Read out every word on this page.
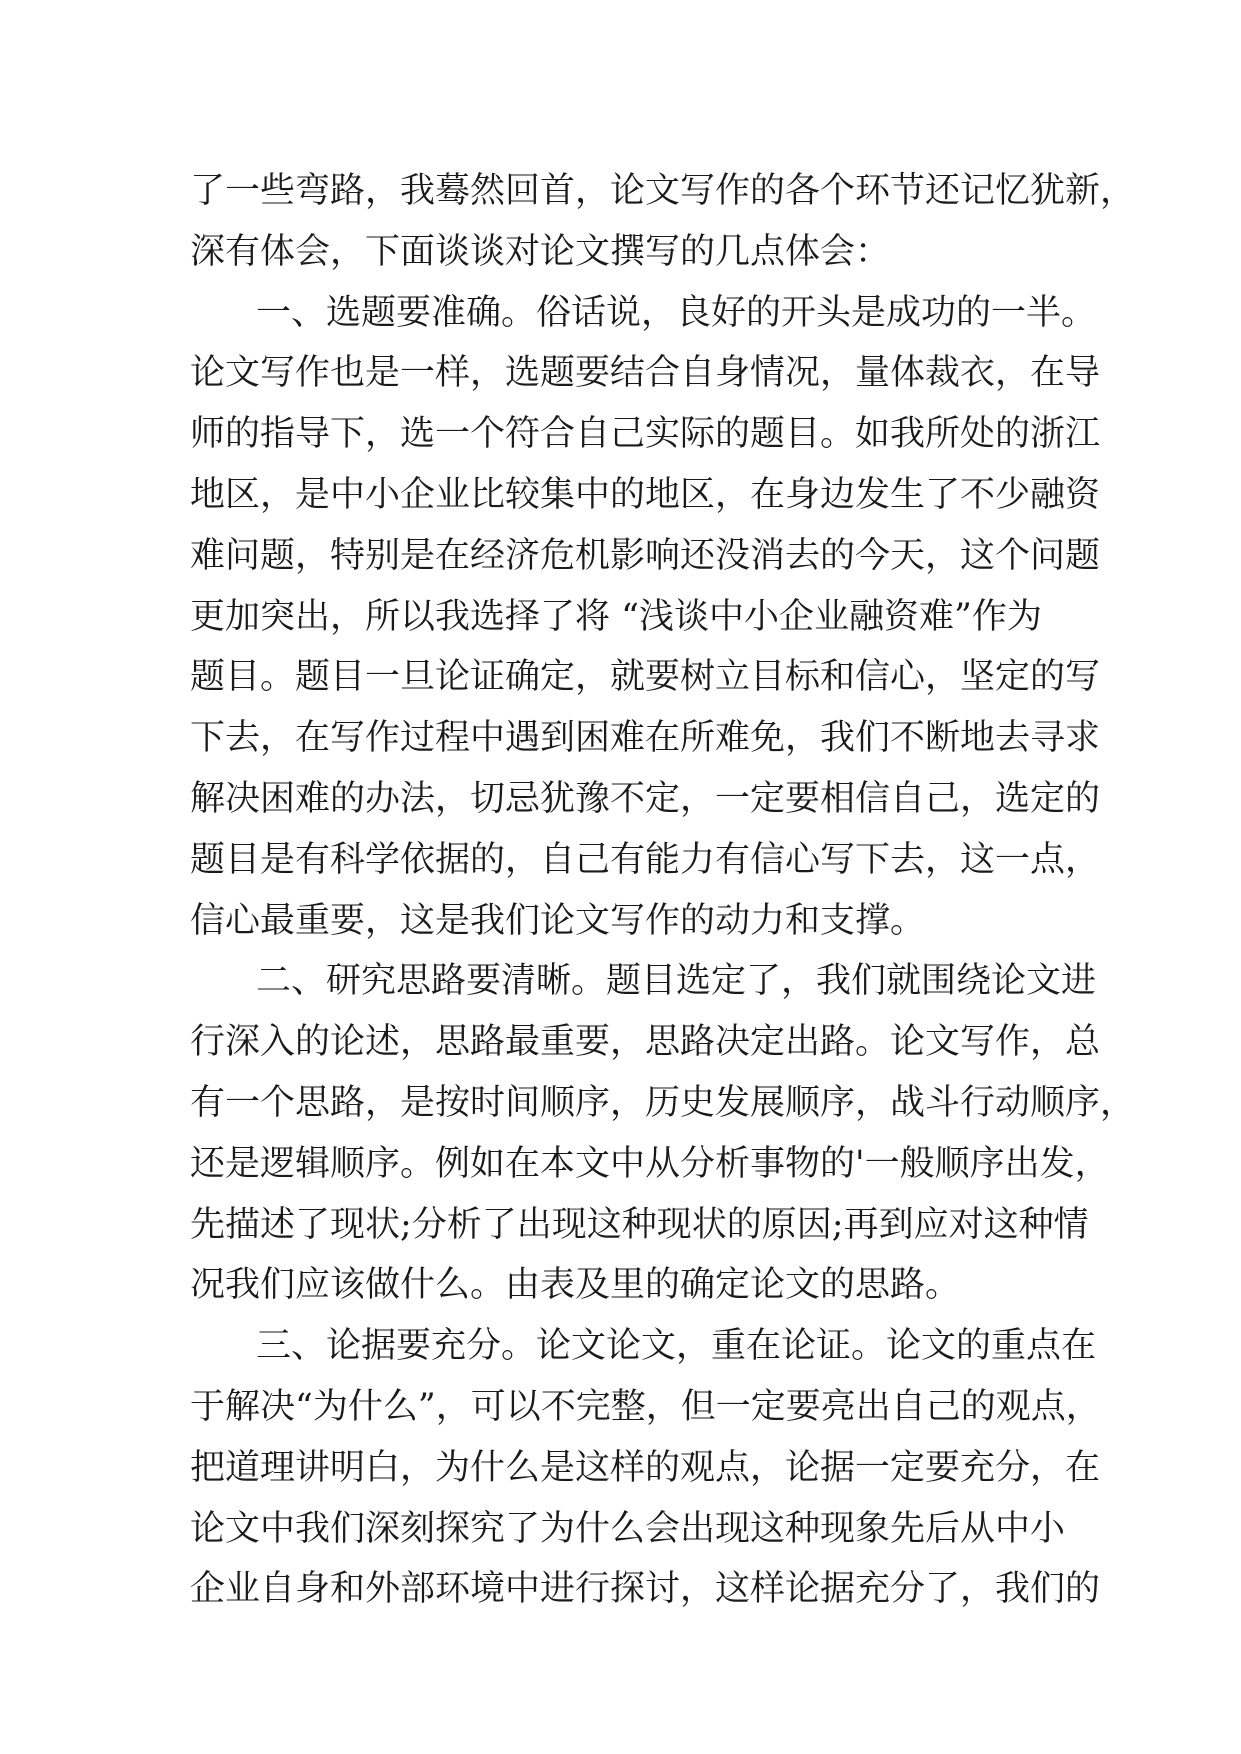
了一些弯路，我蓦然回首，论文写作的各个环节还记忆犹新，
深有体会，下面谈谈对论文撰写的几点体会：
一、选题要准确。俗话说，良好的开头是成功的一半。
论文写作也是一样，选题要结合自身情况，量体裁衣，在导
师的指导下，选一个符合自己实际的题目。如我所处的浙江
地区，是中小企业比较集中的地区，在身边发生了不少融资
难问题，特别是在经济危机影响还没消去的今天，这个问题
更加突出，所以我选择了将 “浅谈中小企业融资难”作为
题目。题目一旦论证确定，就要树立目标和信心，坚定的写
下去，在写作过程中遇到困难在所难免，我们不断地去寻求
解决困难的办法，切忌犹豫不定，一定要相信自己，选定的
题目是有科学依据的，自己有能力有信心写下去，这一点，
信心最重要，这是我们论文写作的动力和支撑。
二、研究思路要清晰。题目选定了，我们就围绕论文进
行深入的论述，思路最重要，思路决定出路。论文写作，总
有一个思路，是按时间顺序，历史发展顺序，战斗行动顺序，
还是逻辑顺序。例如在本文中从分析事物的'一般顺序出发，
先描述了现状;分析了出现这种现状的原因;再到应对这种情
况我们应该做什么。由表及里的确定论文的思路。
三、论据要充分。论文论文，重在论证。论文的重点在
于解决“为什么”，可以不完整，但一定要亮出自己的观点，
把道理讲明白，为什么是这样的观点，论据一定要充分，在
论文中我们深刻探究了为什么会出现这种现象先后从中小
企业自身和外部环境中进行探讨，这样论据充分了，我们的
